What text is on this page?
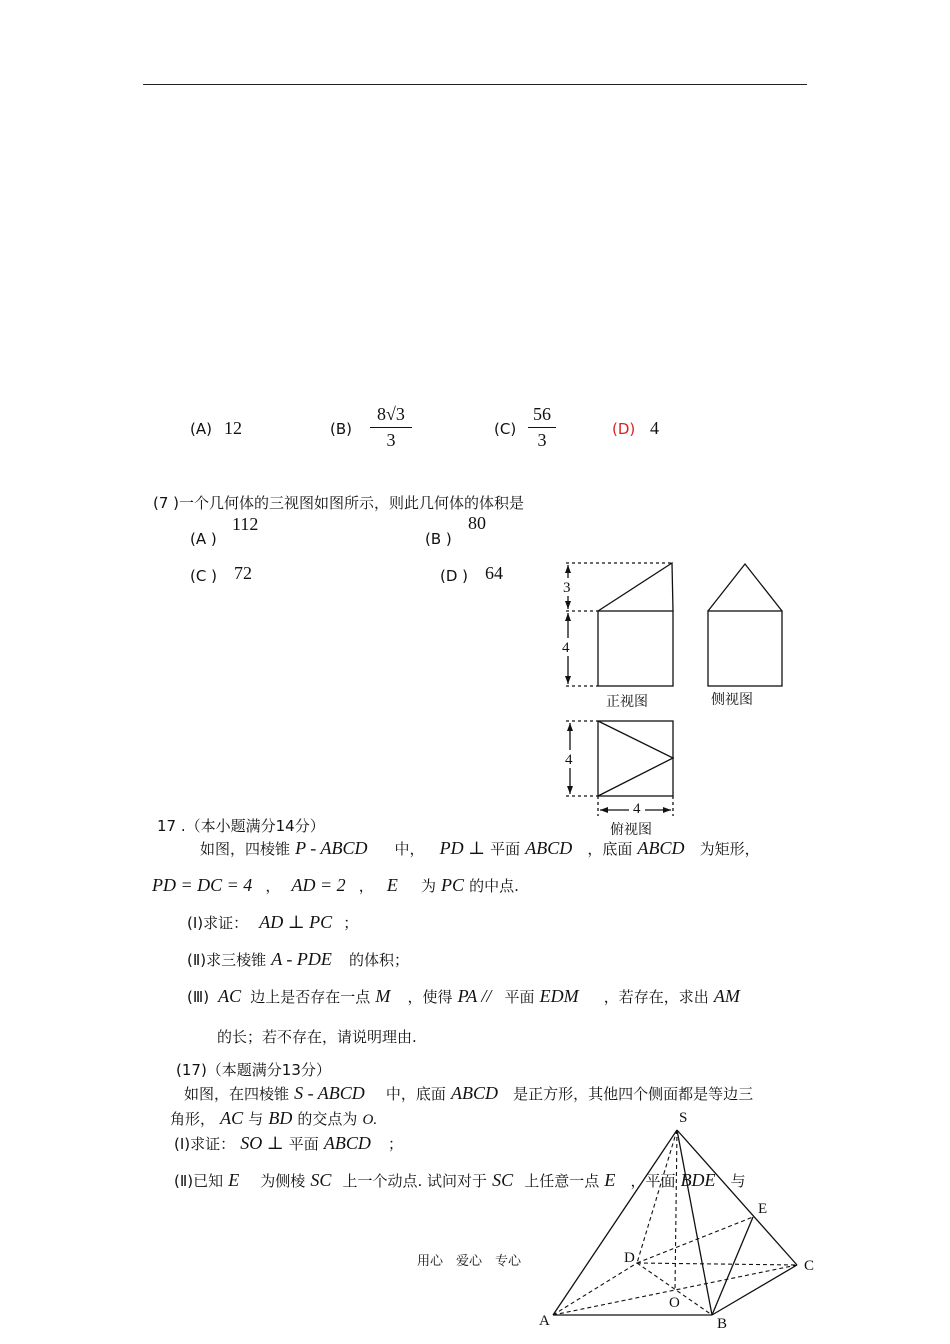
(A) 12	(B)
8√3
3
(C)
56
3
(D) 4
(7 )一个几何体的三视图如图所示，则此几何体的体积是
(A )
112
(B )
80
(C ) 72	(D ) 64
3
4
4
4
正视图	侧视图
俯视图
17 .（本小题满分14分）
如图，四棱锥 P - ABCD 中， PD ⊥ 平面 ABCD ，底面 ABCD 为矩形，
PD = DC = 4 ， AD = 2 ， E 为 PC 的中点.
(Ⅰ)求证： AD ⊥ PC ；
(Ⅱ)求三棱锥 A - PDE 的体积；
(Ⅲ) AC 边上是否存在一点 M ，使得 PA // 平面 EDM ，若存在，求出 AM
的长；若不存在，请说明理由.
(17)（本题满分13分）
如图，在四棱锥 S - ABCD 中，底面 ABCD 是正方形，其他四个侧面都是等边三
角形， AC 与 BD 的交点为 O.
(Ⅰ)求证： SO ⊥ 平面 ABCD ；
(Ⅱ)已知 E 为侧棱 SC 上一个动点. 试问对于 SC 上任意一点 E ，平面 BDE 与
S
A	B
C
D
E
O
用心　爱心　专心
